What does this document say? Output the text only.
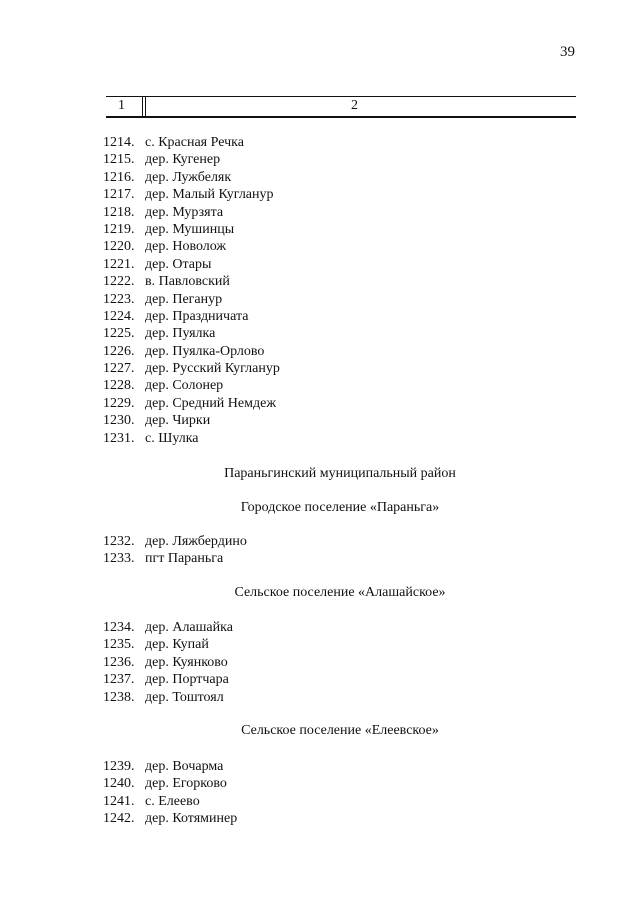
39
1	2
1214. с. Красная Речка
1215. дер. Кугенер
1216. дер. Лужбеляк
1217. дер. Малый Кугланур
1218. дер. Мурзята
1219. дер. Мушинцы
1220. дер. Новолож
1221. дер. Отары
1222. в. Павловский
1223. дер. Пеганур
1224. дер. Праздничата
1225. дер. Пуялка
1226. дер. Пуялка-Орлово
1227. дер. Русский Кугланур
1228. дер. Солонер
1229. дер. Средний Немдеж
1230. дер. Чирки
1231. с. Шулка
Параньгинский муниципальный район
Городское поселение «Параньга»
1232. дер. Ляжбердино
1233. пгт Параньга
Сельское поселение «Алашайское»
1234. дер. Алашайка
1235. дер. Купай
1236. дер. Куянково
1237. дер. Портчара
1238. дер. Тоштоял
Сельское поселение «Елеевское»
1239. дер. Вочарма
1240. дер. Егорково
1241. с. Елеево
1242. дер. Котяминер
